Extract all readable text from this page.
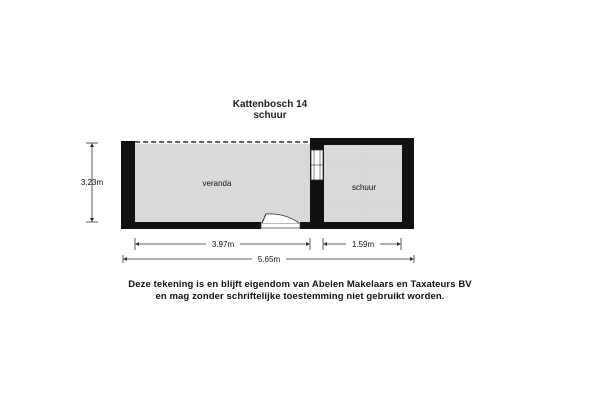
Kattenbosch 14
schuur
veranda	schuur
3.23m
3.97m	1.59m
5.65m
Deze tekening is en blijft eigendom van Abelen Makelaars en Taxateurs BV
en mag zonder schriftelijke toestemming niet gebruikt worden.
